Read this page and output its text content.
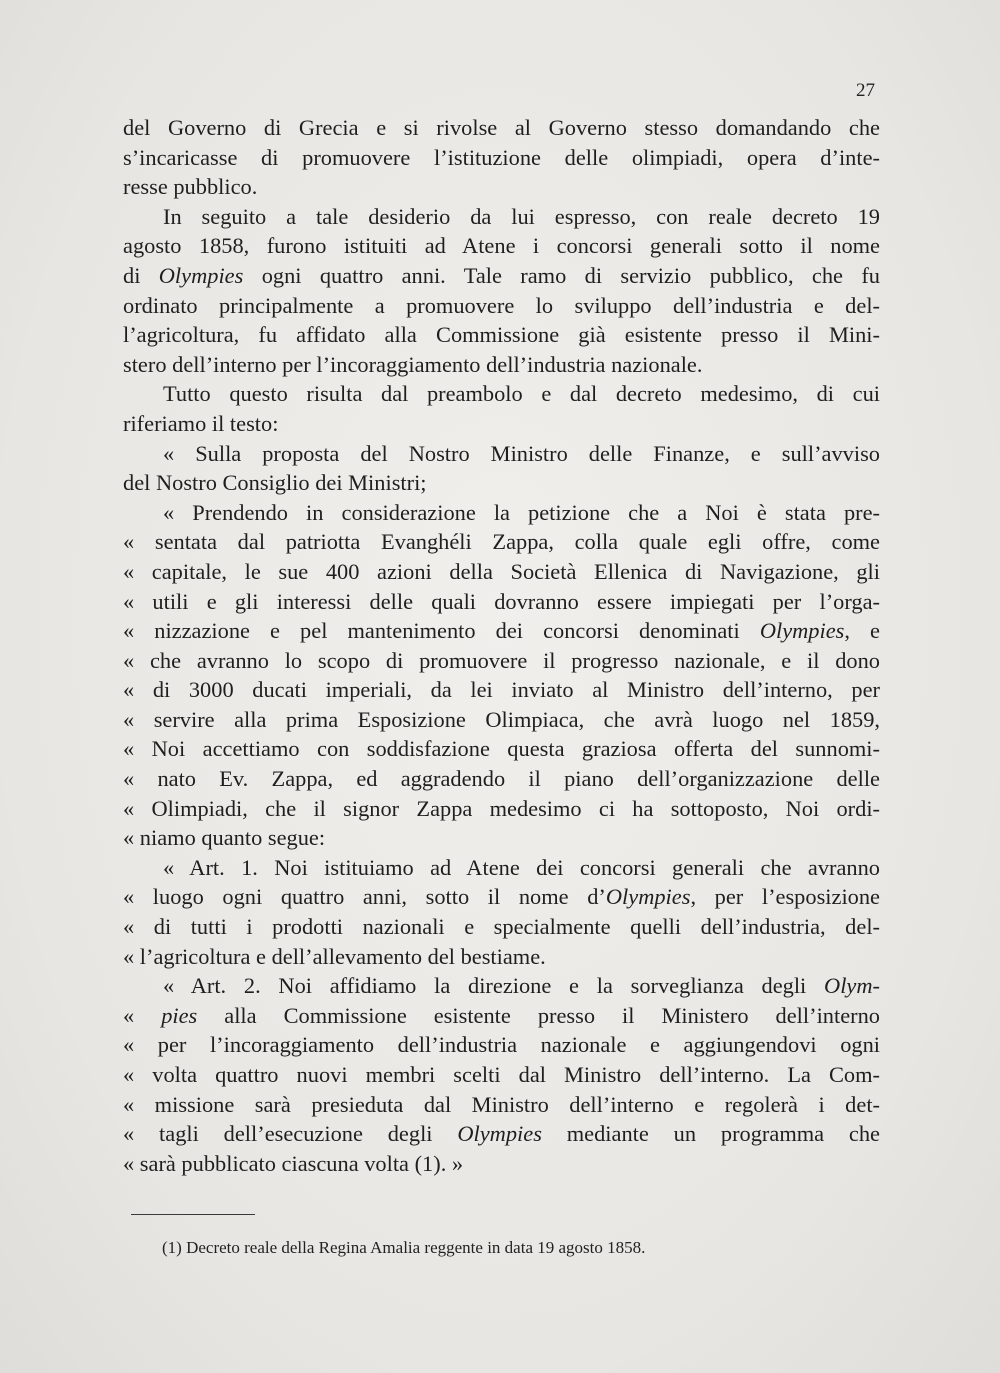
27
del Governo di Grecia e si rivolse al Governo stesso domandando che
s’incaricasse di promuovere l’istituzione delle olimpiadi, opera d’inte-
resse pubblico.
In seguito a tale desiderio da lui espresso, con reale decreto 19
agosto 1858, furono istituiti ad Atene i concorsi generali sotto il nome
di Olympies ogni quattro anni. Tale ramo di servizio pubblico, che fu
ordinato principalmente a promuovere lo sviluppo dell’industria e del-
l’agricoltura, fu affidato alla Commissione già esistente presso il Mini-
stero dell’interno per l’incoraggiamento dell’industria nazionale.
Tutto questo risulta dal preambolo e dal decreto medesimo, di cui
riferiamo il testo:
« Sulla proposta del Nostro Ministro delle Finanze, e sull’avviso
del Nostro Consiglio dei Ministri;
« Prendendo in considerazione la petizione che a Noi è stata pre-
« sentata dal patriotta Evanghéli Zappa, colla quale egli offre, come
« capitale, le sue 400 azioni della Società Ellenica di Navigazione, gli
« utili e gli interessi delle quali dovranno essere impiegati per l’orga-
« nizzazione e pel mantenimento dei concorsi denominati Olympies, e
« che avranno lo scopo di promuovere il progresso nazionale, e il dono
« di 3000 ducati imperiali, da lei inviato al Ministro dell’interno, per
« servire alla prima Esposizione Olimpiaca, che avrà luogo nel 1859,
« Noi accettiamo con soddisfazione questa graziosa offerta del sunnomi-
« nato Ev. Zappa, ed aggradendo il piano dell’organizzazione delle
« Olimpiadi, che il signor Zappa medesimo ci ha sottoposto, Noi ordi-
« niamo quanto segue:
« Art. 1. Noi istituiamo ad Atene dei concorsi generali che avranno
« luogo ogni quattro anni, sotto il nome d’Olympies, per l’esposizione
« di tutti i prodotti nazionali e specialmente quelli dell’industria, del-
« l’agricoltura e dell’allevamento del bestiame.
« Art. 2. Noi affidiamo la direzione e la sorveglianza degli Olym-
« pies alla Commissione esistente presso il Ministero dell’interno
« per l’incoraggiamento dell’industria nazionale e aggiungendovi ogni
« volta quattro nuovi membri scelti dal Ministro dell’interno. La Com-
« missione sarà presieduta dal Ministro dell’interno e regolerà i det-
« tagli dell’esecuzione degli Olympies mediante un programma che
« sarà pubblicato ciascuna volta (1). »
(1) Decreto reale della Regina Amalia reggente in data 19 agosto 1858.
